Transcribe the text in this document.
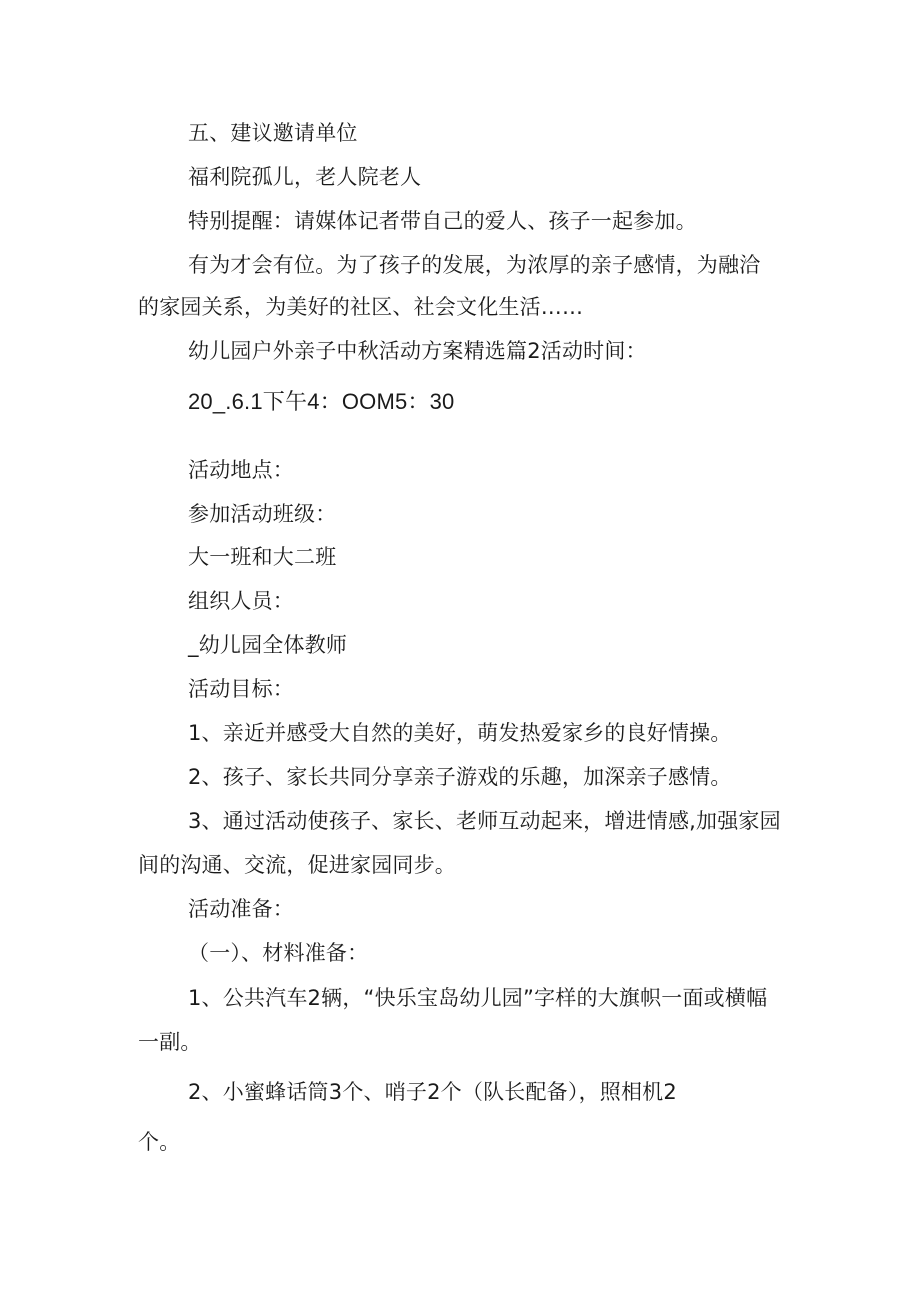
五、建议邀请单位

福利院孤儿，老人院老人

特别提醒：请媒体记者带自己的爱人、孩子一起参加。

有为才会有位。为了孩子的发展，为浓厚的亲子感情，为融洽

的家园关系，为美好的社区、社会文化生活……

幼儿园户外亲子中秋活动方案精选篇2活动时间：

20_.6.1下午4：OOM5：30

活动地点：

参加活动班级：

大一班和大二班

组织人员：

_幼儿园全体教师

活动目标：

1、亲近并感受大自然的美好，萌发热爱家乡的良好情操。

2、孩子、家长共同分享亲子游戏的乐趣，加深亲子感情。

3、通过活动使孩子、家长、老师互动起来，增进情感,加强家园

间的沟通、交流，促进家园同步。

活动准备：

（一）、材料准备：

1、公共汽车2辆，“快乐宝岛幼儿园”字样的大旗帜一面或横幅

一副。

2、小蜜蜂话筒3个、哨子2个（队长配备），照相机2

个。
